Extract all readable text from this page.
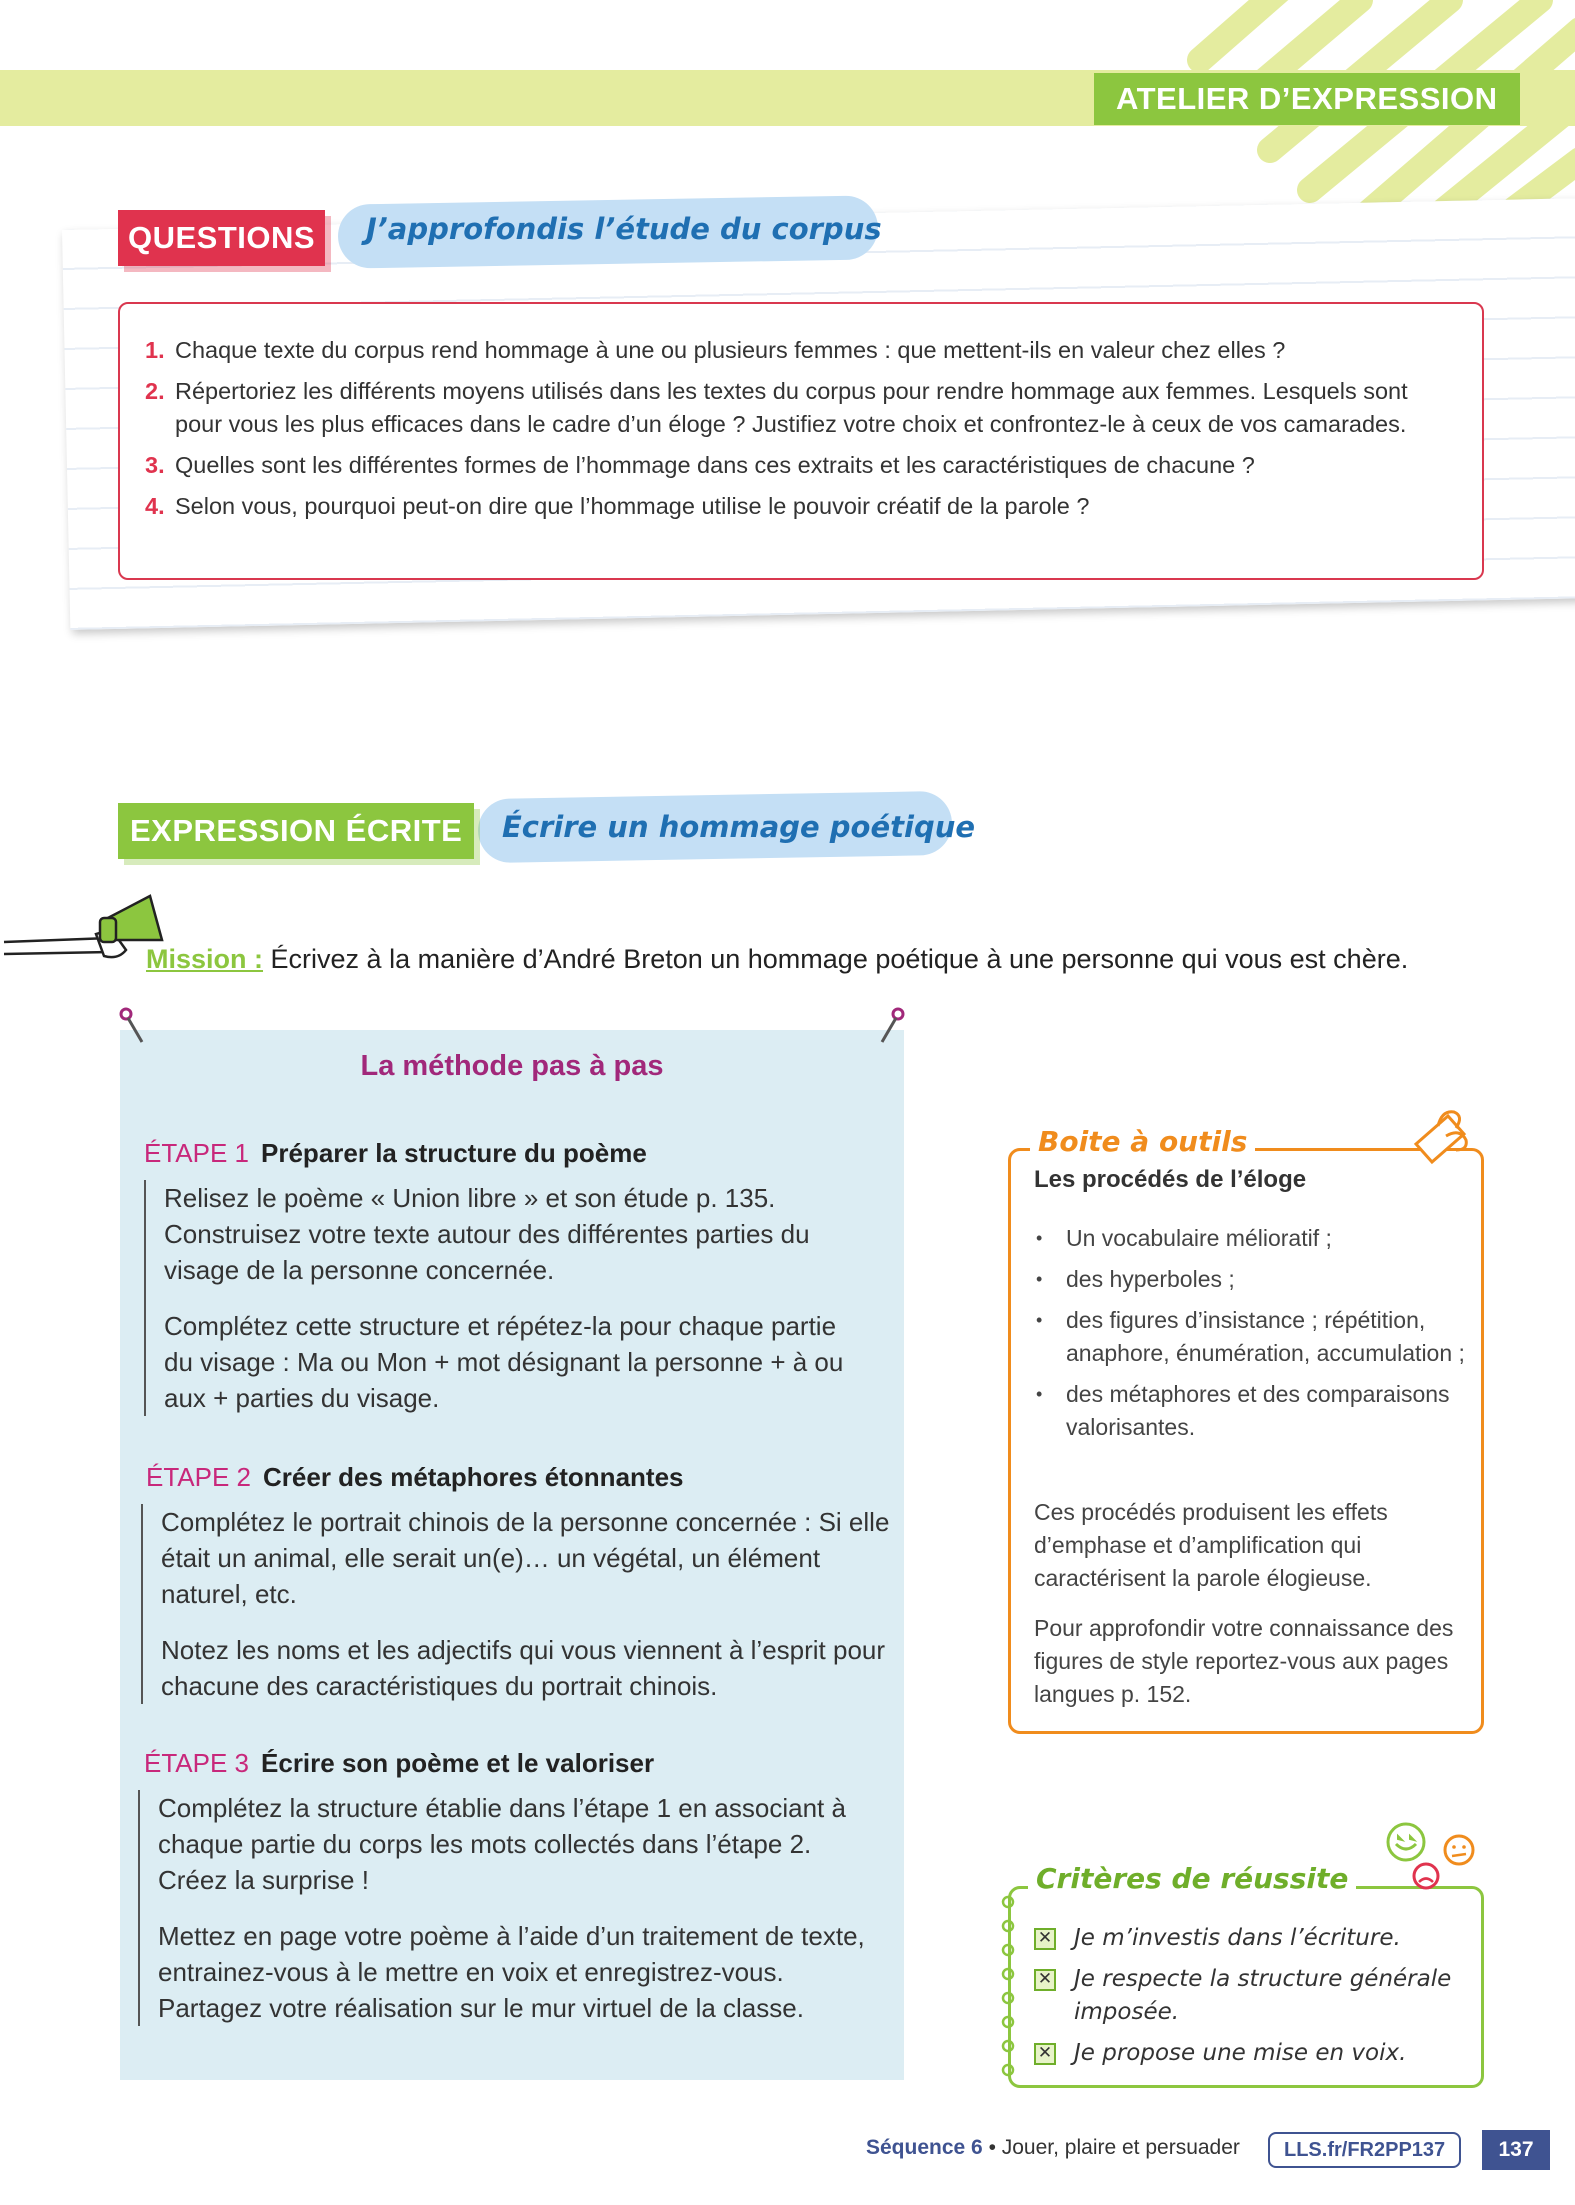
ATELIER D’EXPRESSION
QUESTIONS	J’approfondis l’étude du corpus
1. Chaque texte du corpus rend hommage à une ou plusieurs femmes : que mettent-ils en valeur chez elles ?
2. Répertoriez les différents moyens utilisés dans les textes du corpus pour rendre hommage aux femmes. Lesquels sont pour vous les plus efficaces dans le cadre d’un éloge ? Justifiez votre choix et confrontez-le à ceux de vos camarades.
3. Quelles sont les différentes formes de l’hommage dans ces extraits et les caractéristiques de chacune ?
4. Selon vous, pourquoi peut-on dire que l’hommage utilise le pouvoir créatif de la parole ?
EXPRESSION ÉCRITE	Écrire un hommage poétique
Mission : Écrivez à la manière d’André Breton un hommage poétique à une personne qui vous est chère.
La méthode pas à pas
ÉTAPE 1 Préparer la structure du poème

Relisez le poème « Union libre » et son étude p. 135. Construisez votre texte autour des différentes parties du visage de la personne concernée.

Complétez cette structure et répétez-la pour chaque partie du visage : Ma ou Mon + mot désignant la personne + à ou aux + parties du visage.

ÉTAPE 2 Créer des métaphores étonnantes

Complétez le portrait chinois de la personne concernée : Si elle était un animal, elle serait un(e)… un végétal, un élément naturel, etc.

Notez les noms et les adjectifs qui vous viennent à l’esprit pour chacune des caractéristiques du portrait chinois.

ÉTAPE 3 Écrire son poème et le valoriser

Complétez la structure établie dans l’étape 1 en associant à chaque partie du corps les mots collectés dans l’étape 2. Créez la surprise !

Mettez en page votre poème à l’aide d’un traitement de texte, entrainez-vous à le mettre en voix et enregistrez-vous. Partagez votre réalisation sur le mur virtuel de la classe.

Boite à outils
Les procédés de l’éloge
• Un vocabulaire mélioratif ;
• des hyperboles ;
• des figures d’insistance ; répétition, anaphore, énumération, accumulation ;
• des métaphores et des comparaisons valorisantes.
Ces procédés produisent les effets d’emphase et d’amplification qui caractérisent la parole élogieuse.
Pour approfondir votre connaissance des figures de style reportez-vous aux pages langues p. 152.
Critères de réussite
✕ Je m’investis dans l’écriture.
✕ Je respecte la structure générale imposée.
✕ Je propose une mise en voix.
Séquence 6 • Jouer, plaire et persuader	LLS.fr/FR2PP137	137
